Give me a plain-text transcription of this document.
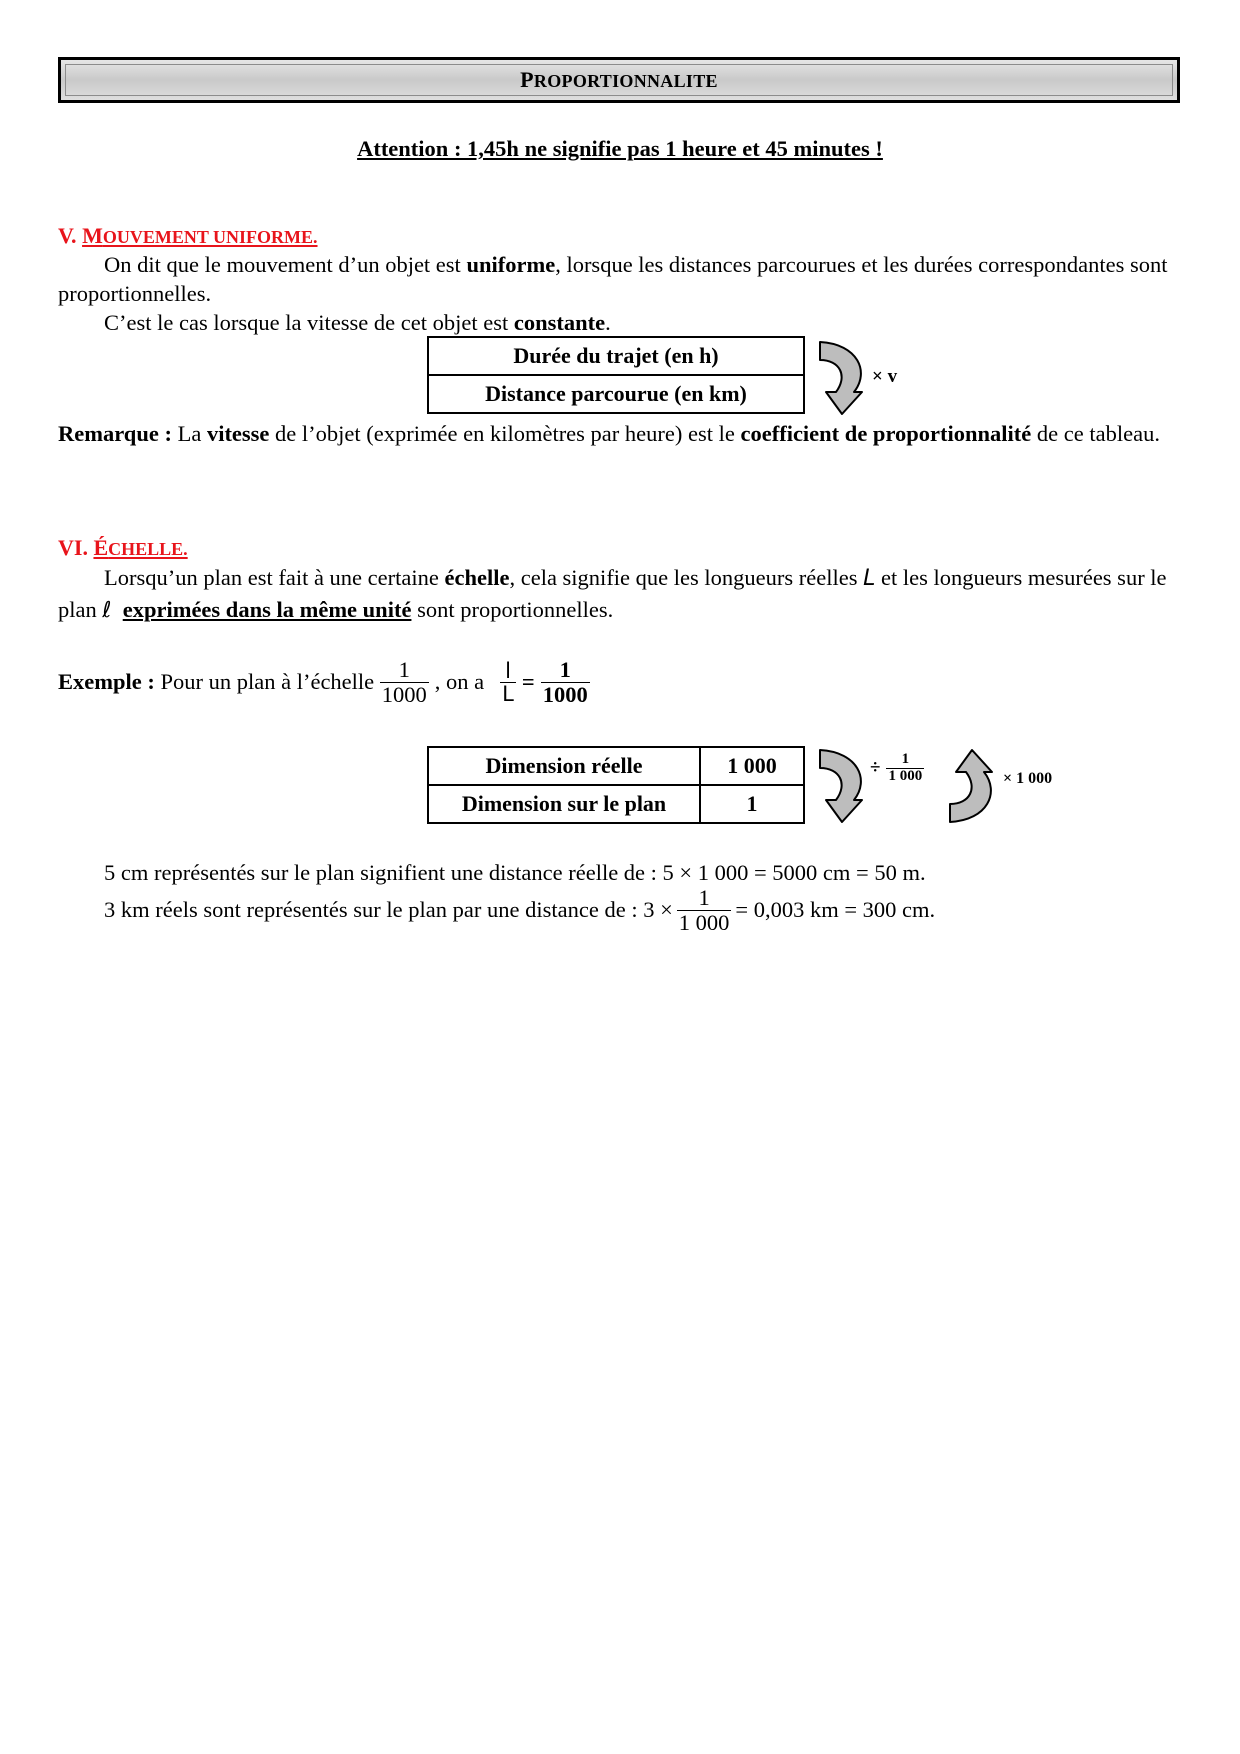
PROPORTIONNALITE
Attention : 1,45h ne signifie pas 1 heure et 45 minutes !
V. MOUVEMENT UNIFORME.
On dit que le mouvement d’un objet est uniforme, lorsque les distances parcourues et les durées correspondantes sont proportionnelles.
C’est le cas lorsque la vitesse de cet objet est constante.
Durée du trajet (en h)
Distance parcourue (en km)
× v
Remarque : La vitesse de l’objet (exprimée en kilomètres par heure) est le coefficient de proportionnalité de ce tableau.
VI. ÉCHELLE.
Lorsqu’un plan est fait à une certaine échelle, cela signifie que les longueurs réelles L et les longueurs mesurées sur le plan ℓ exprimées dans la même unité sont proportionnelles.
Exemple : Pour un plan à l’échelle $\frac{1}{1000}$ , on a $\frac{l}{L} = \frac{1}{1000}$
Dimension réelle	1 000
Dimension sur le plan	1
÷ $\frac{1}{1 000}$	× 1 000
5 cm représentés sur le plan signifient une distance réelle de : 5 × 1 000 = 5000 cm = 50 m.
3 km réels sont représentés sur le plan par une distance de : $3 \times \frac{1}{1 000} = 0,003$ km = 300 cm.
